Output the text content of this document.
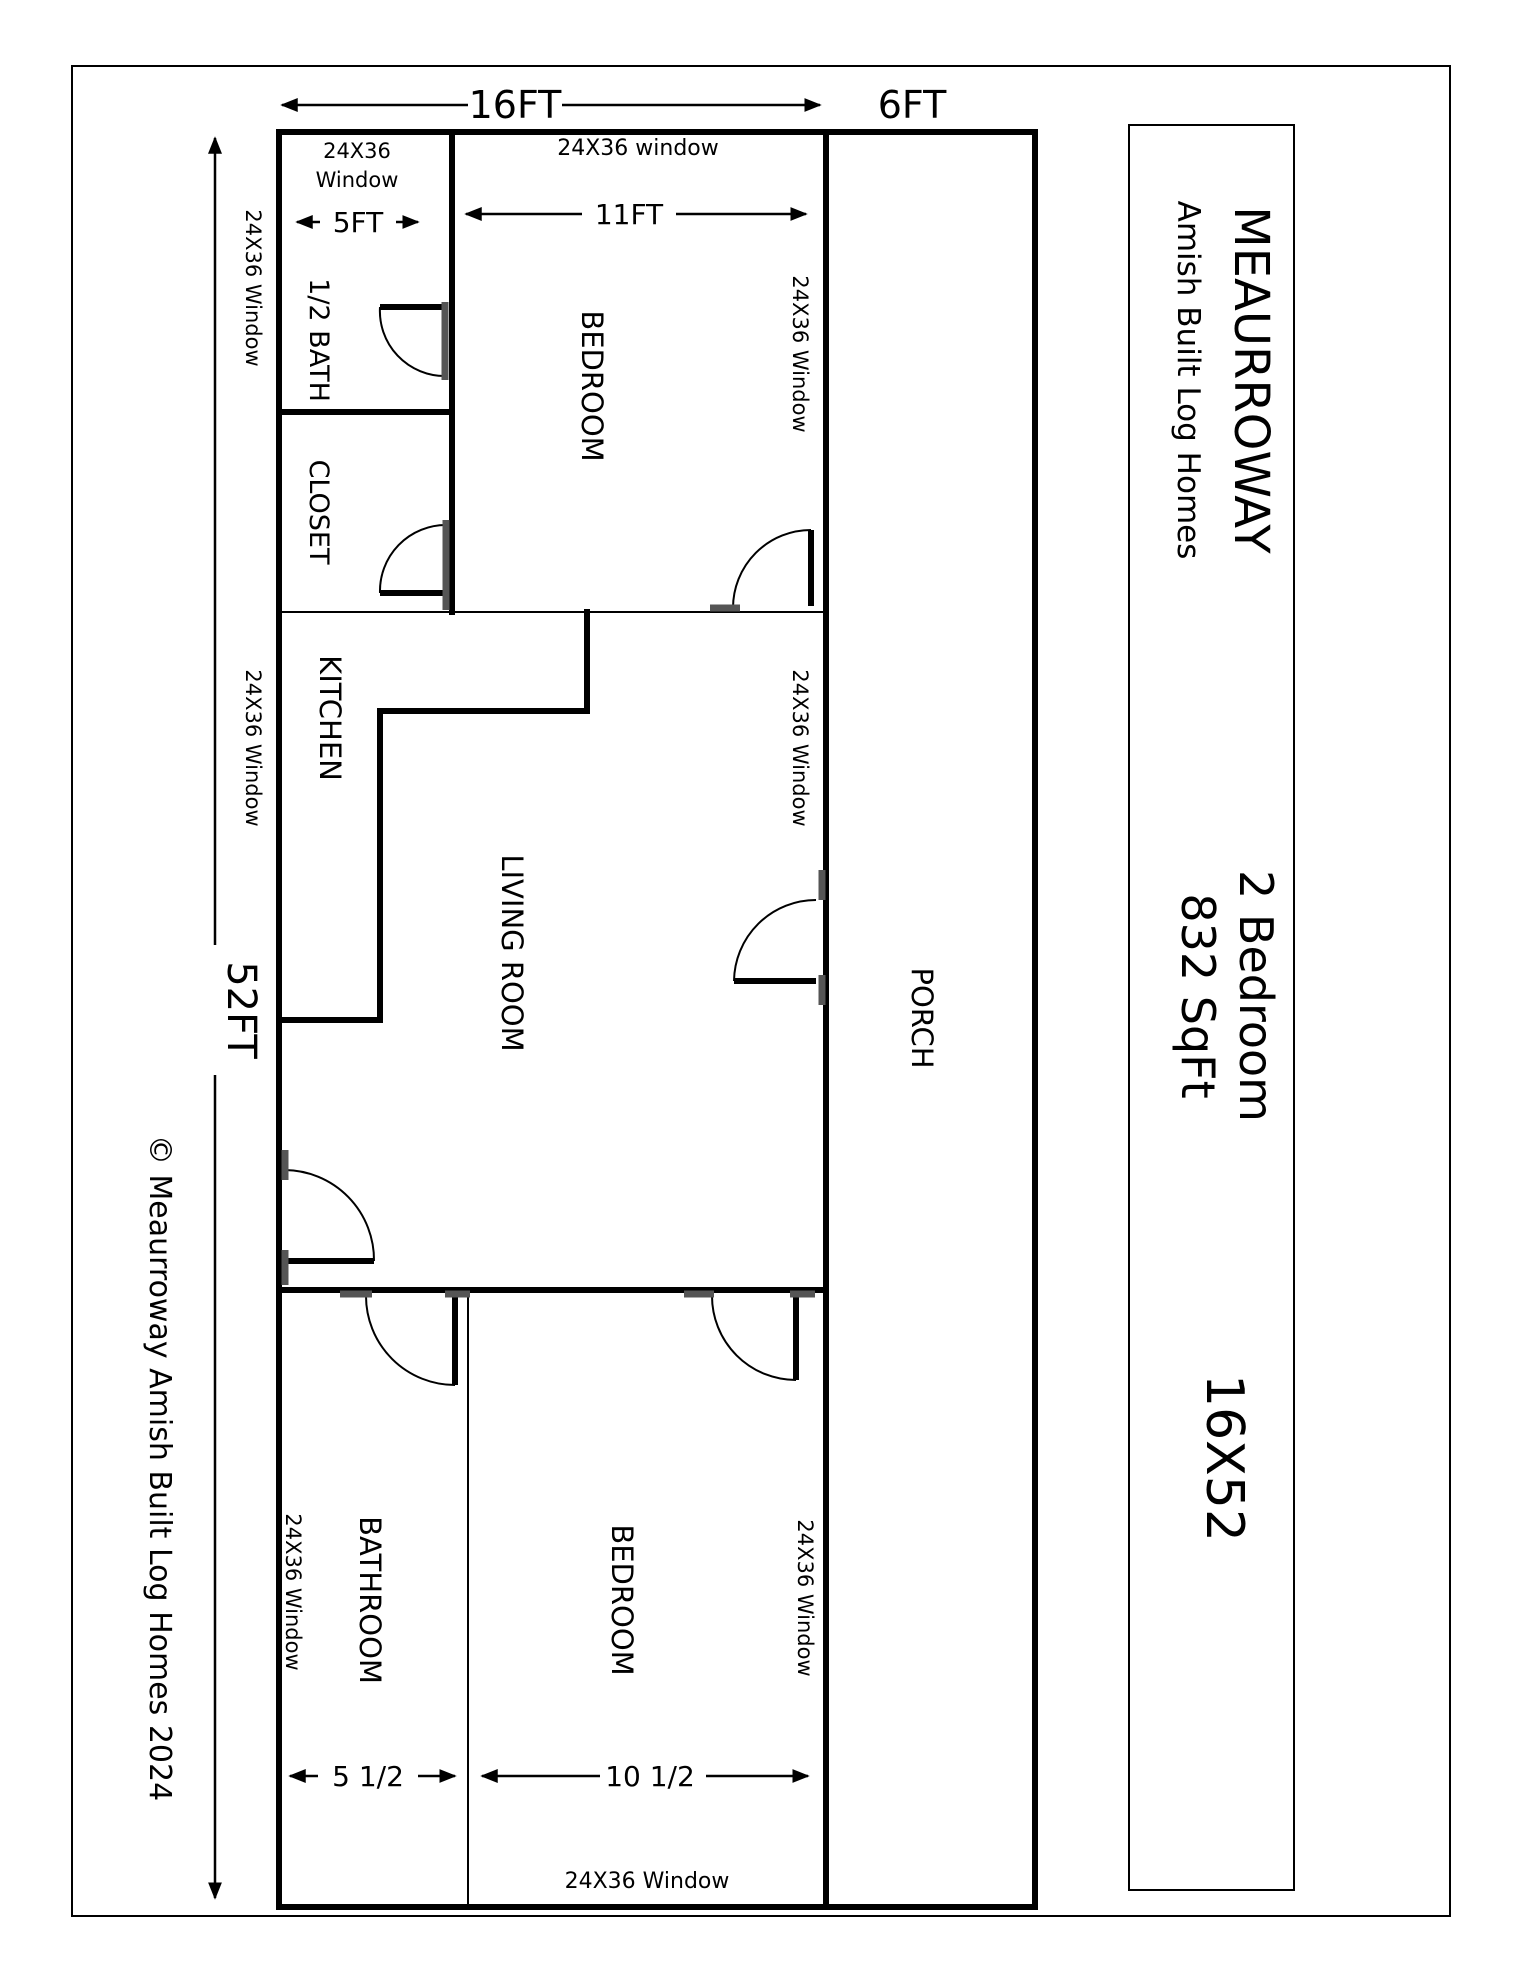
16FT	6FT
52FT
5FT	11FT
5 1/2	10 1/2
24X36
Window
24X36 window
24X36 Window	24X36 Window
24X36 Window	24X36 Window
24X36 Window	24X36 Window
24X36 Window
1/2 BATH
CLOSET
BEDROOM
KITCHEN
LIVING ROOM	PORCH
BATHROOM	BEDROOM
© Meaurroway Amish Built Log Homes 2024
MEAURROWAY
Amish Built Log Homes
2 Bedroom
832 SqFt
16X52
